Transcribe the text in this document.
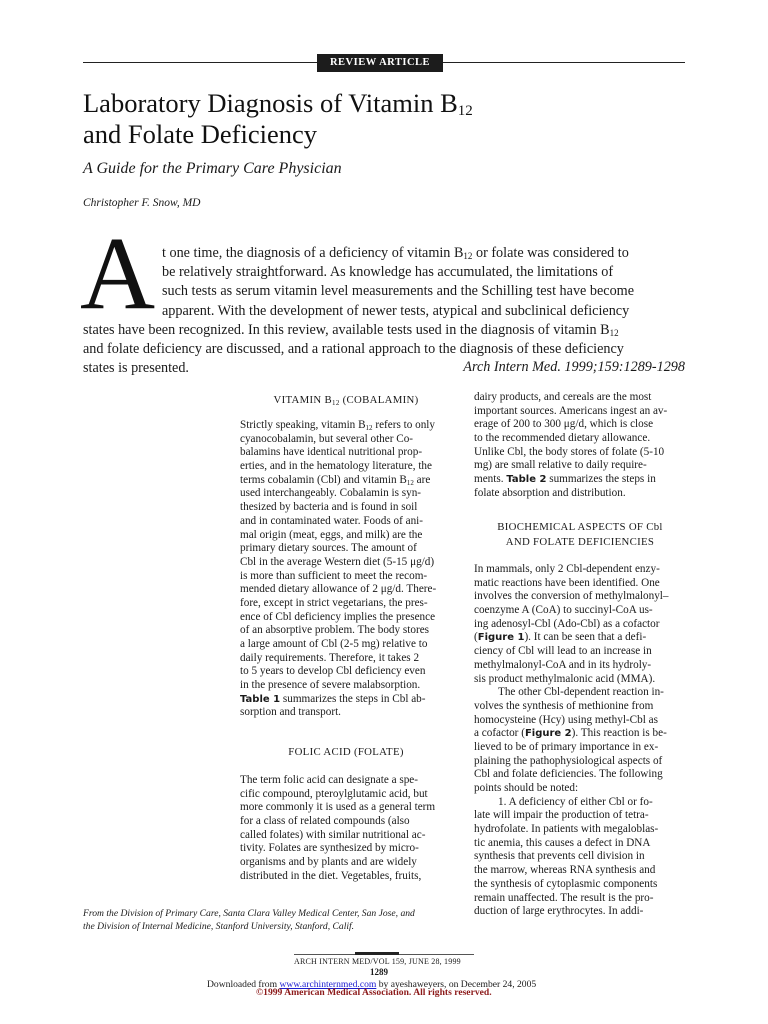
REVIEW ARTICLE
Laboratory Diagnosis of Vitamin $B_{12}$
and Folate Deficiency
A Guide for the Primary Care Physician
Christopher F. Snow, MD
A t one time, the diagnosis of a deficiency of vitamin $B_{12}$ or folate was considered to
be relatively straightforward. As knowledge has accumulated, the limitations of
such tests as serum vitamin level measurements and the Schilling test have become
apparent. With the development of newer tests, atypical and subclinical deficiency
states have been recognized. In this review, available tests used in the diagnosis of vitamin $B_{12}$
and folate deficiency are discussed, and a rational approach to the diagnosis of these deficiency
states is presented.	Arch Intern Med. 1999;159:1289-1298
VITAMIN $B_{12}$ (COBALAMIN)
Strictly speaking, vitamin $B_{12}$ refers to only
cyanocobalamin, but several other Co-
balamins have identical nutritional prop-
erties, and in the hematology literature, the
terms cobalamin (Cbl) and vitamin $B_{12}$ are
used interchangeably. Cobalamin is syn-
thesized by bacteria and is found in soil
and in contaminated water. Foods of ani-
mal origin (meat, eggs, and milk) are the
primary dietary sources. The amount of
Cbl in the average Western diet (5-15 μg/d)
is more than sufficient to meet the recom-
mended dietary allowance of 2 μg/d. There-
fore, except in strict vegetarians, the pres-
ence of Cbl deficiency implies the presence
of an absorptive problem. The body stores
a large amount of Cbl (2-5 mg) relative to
daily requirements. Therefore, it takes 2
to 5 years to develop Cbl deficiency even
in the presence of severe malabsorption.
Table 1 summarizes the steps in Cbl ab-
sorption and transport.
FOLIC ACID (FOLATE)
The term folic acid can designate a spe-
cific compound, pteroylglutamic acid, but
more commonly it is used as a general term
for a class of related compounds (also
called folates) with similar nutritional ac-
tivity. Folates are synthesized by micro-
organisms and by plants and are widely
distributed in the diet. Vegetables, fruits,
dairy products, and cereals are the most
important sources. Americans ingest an av-
erage of 200 to 300 μg/d, which is close
to the recommended dietary allowance.
Unlike Cbl, the body stores of folate (5-10
mg) are small relative to daily require-
ments. Table 2 summarizes the steps in
folate absorption and distribution.
BIOCHEMICAL ASPECTS OF Cbl
AND FOLATE DEFICIENCIES
In mammals, only 2 Cbl-dependent enzy-
matic reactions have been identified. One
involves the conversion of methylmalonyl–
coenzyme A (CoA) to succinyl-CoA us-
ing adenosyl-Cbl (Ado-Cbl) as a cofactor
(Figure 1). It can be seen that a defi-
ciency of Cbl will lead to an increase in
methylmalonyl-CoA and in its hydroly-
sis product methylmalonic acid (MMA).
The other Cbl-dependent reaction in-
volves the synthesis of methionine from
homocysteine (Hcy) using methyl-Cbl as
a cofactor (Figure 2). This reaction is be-
lieved to be of primary importance in ex-
plaining the pathophysiological aspects of
Cbl and folate deficiencies. The following
points should be noted:
1. A deficiency of either Cbl or fo-
late will impair the production of tetra-
hydrofolate. In patients with megaloblas-
tic anemia, this causes a defect in DNA
synthesis that prevents cell division in
the marrow, whereas RNA synthesis and
the synthesis of cytoplasmic components
remain unaffected. The result is the pro-
duction of large erythrocytes. In addi-
From the Division of Primary Care, Santa Clara Valley Medical Center, San Jose, and
the Division of Internal Medicine, Stanford University, Stanford, Calif.
ARCH INTERN MED/VOL 159, JUNE 28, 1999
1289
Downloaded from www.archinternmed.com by ayeshaweyers, on December 24, 2005
©1999 American Medical Association. All rights reserved.
